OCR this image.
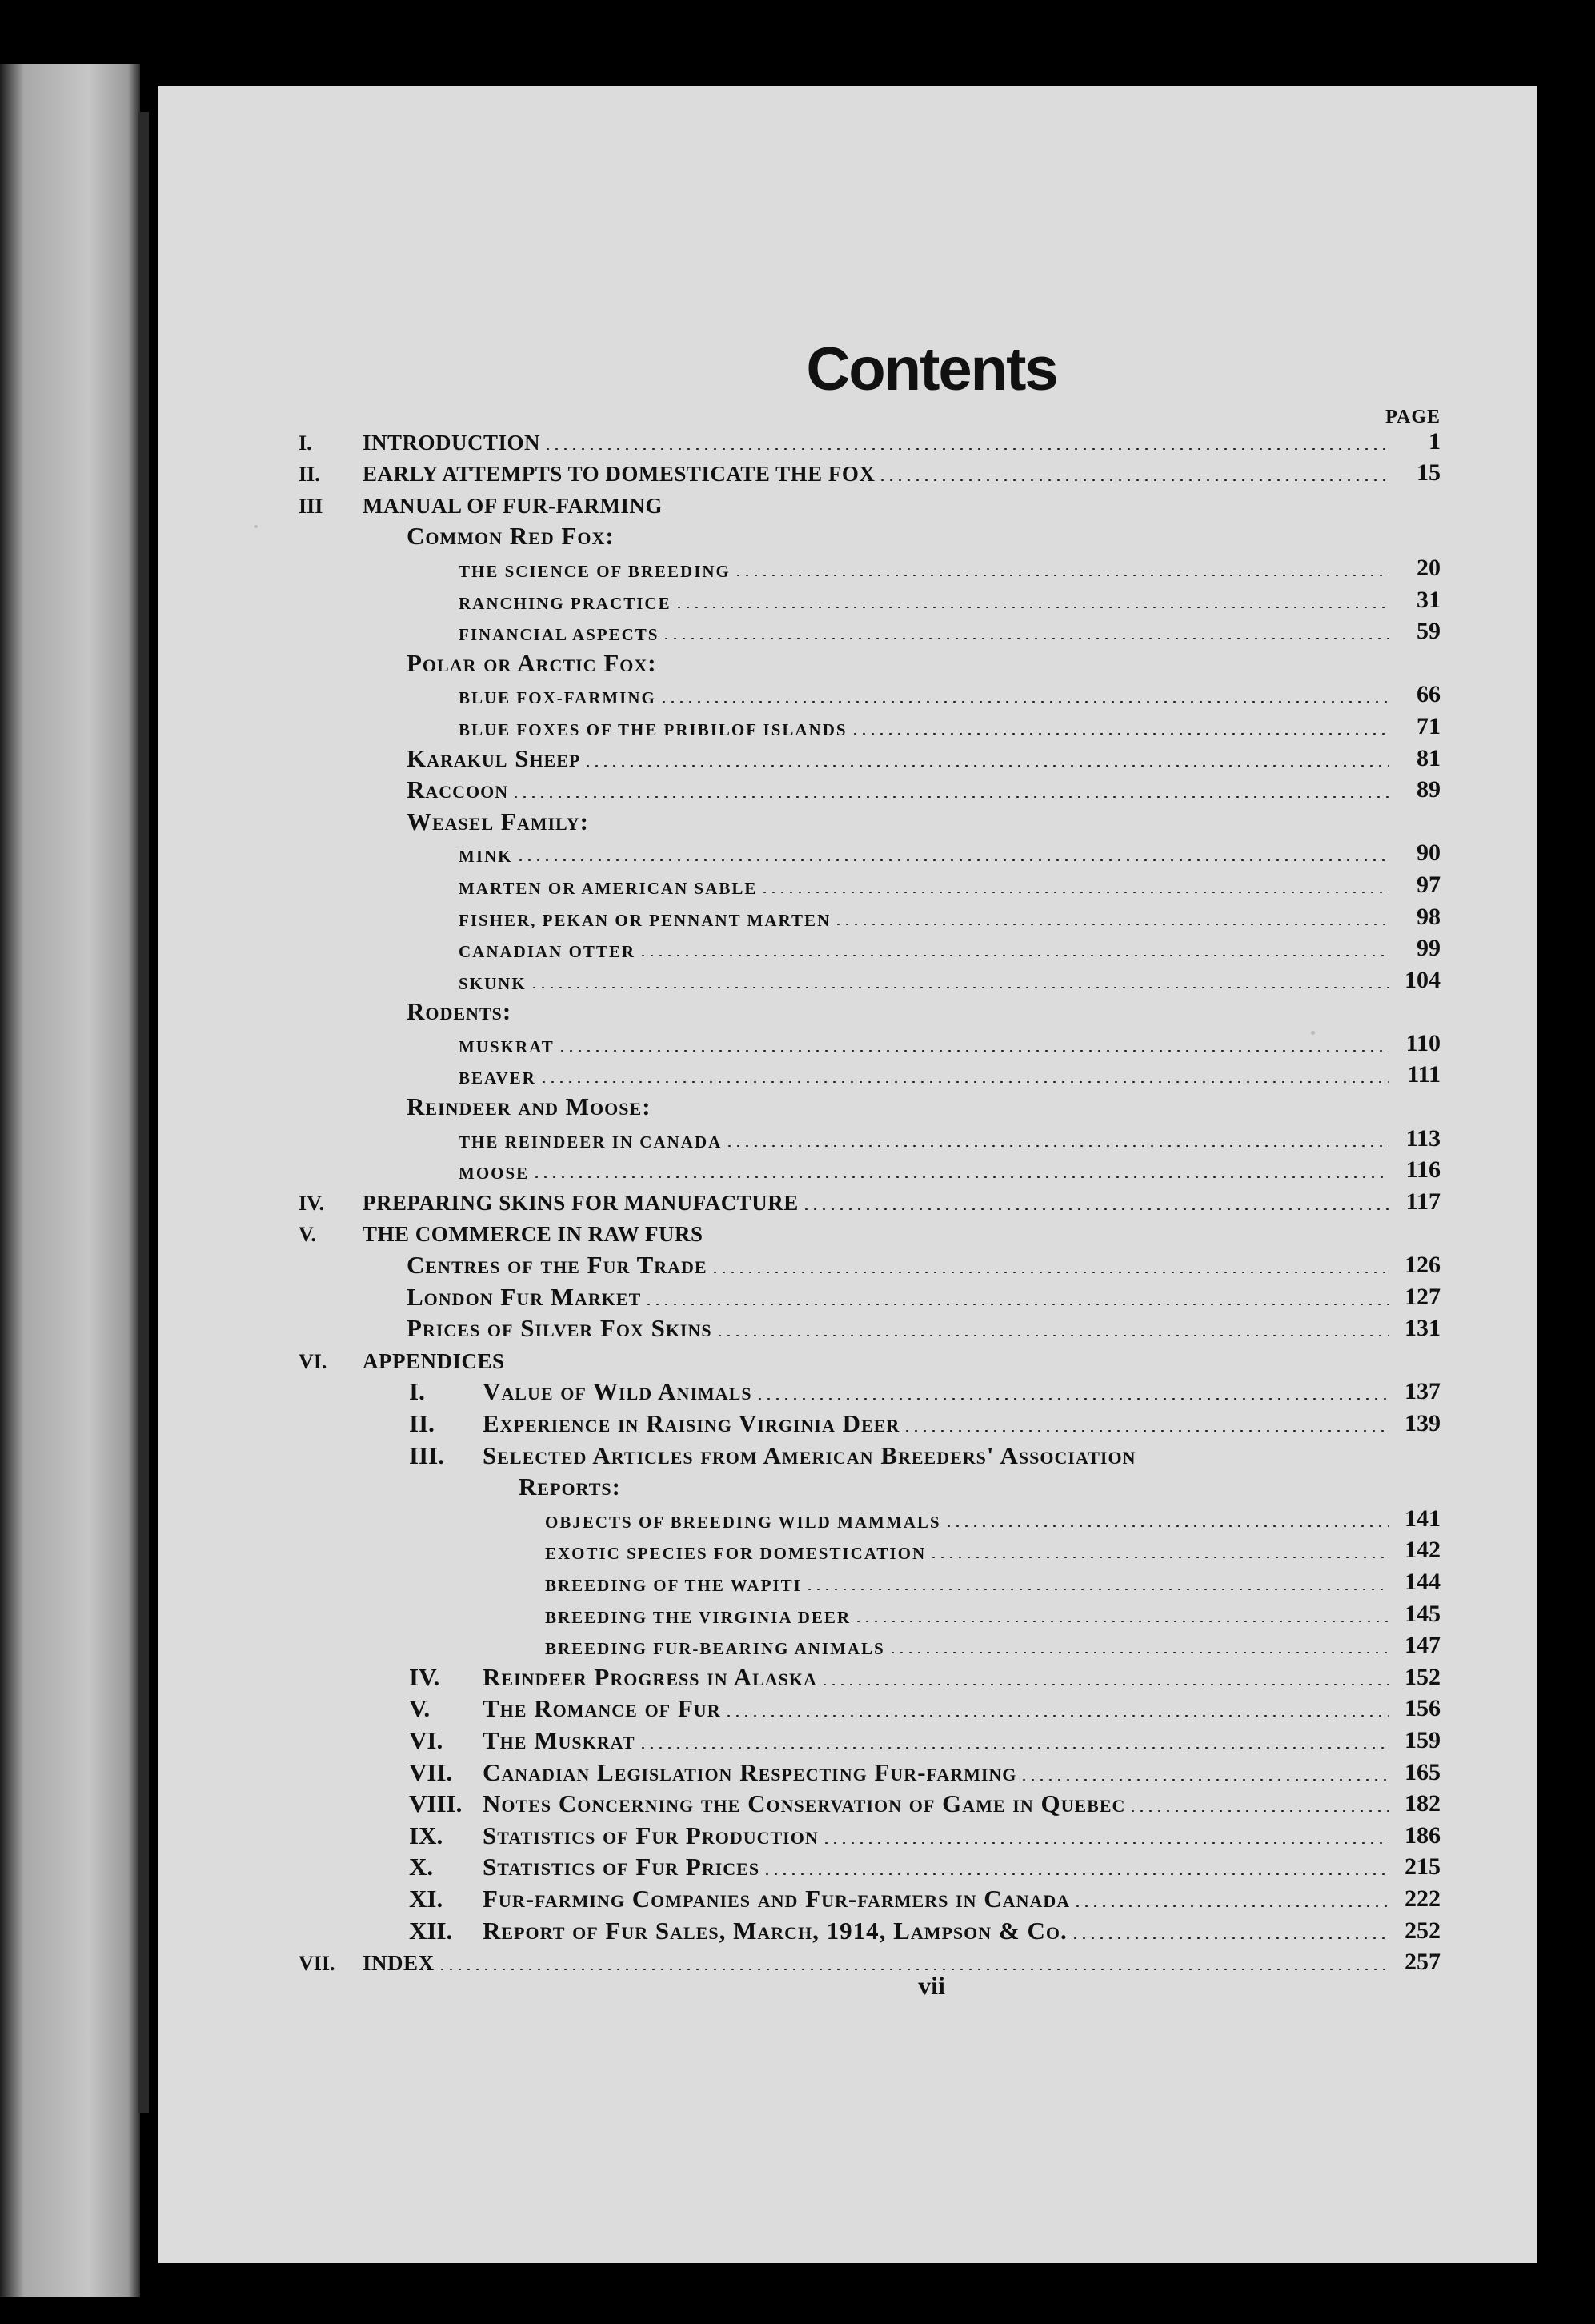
Contents
PAGE
I. INTRODUCTION	1
II. EARLY ATTEMPTS TO DOMESTICATE THE FOX	15
III MANUAL OF FUR-FARMING
Common Red Fox:
THE SCIENCE OF BREEDING	20
RANCHING PRACTICE	31
FINANCIAL ASPECTS	59
Polar or Arctic Fox:
BLUE FOX-FARMING	66
BLUE FOXES OF THE PRIBILOF ISLANDS	71
Karakul Sheep	81
Raccoon	89
Weasel Family:
MINK	90
MARTEN OR AMERICAN SABLE	97
FISHER, PEKAN OR PENNANT MARTEN	98
CANADIAN OTTER	99
SKUNK	104
Rodents:
MUSKRAT	110
BEAVER	111
Reindeer and Moose:
THE REINDEER IN CANADA	113
MOOSE	116
IV. PREPARING SKINS FOR MANUFACTURE	117
V. THE COMMERCE IN RAW FURS
Centres of the Fur Trade	126
London Fur Market	127
Prices of Silver Fox Skins	131
VI. APPENDICES
I. Value of Wild Animals	137
II. Experience in Raising Virginia Deer	139
III. Selected Articles from American Breeders' Association
Reports:
OBJECTS OF BREEDING WILD MAMMALS	141
EXOTIC SPECIES FOR DOMESTICATION	142
BREEDING OF THE WAPITI	144
BREEDING THE VIRGINIA DEER	145
BREEDING FUR-BEARING ANIMALS	147
IV. Reindeer Progress in Alaska	152
V. The Romance of Fur	156
VI. The Muskrat	159
VII. Canadian Legislation Respecting Fur-farming	165
VIII. Notes Concerning the Conservation of Game in Quebec	182
IX. Statistics of Fur Production	186
X. Statistics of Fur Prices	215
XI. Fur-farming Companies and Fur-farmers in Canada	222
XII. Report of Fur Sales, March, 1914, Lampson & Co.	252
VII. INDEX	257
vii
